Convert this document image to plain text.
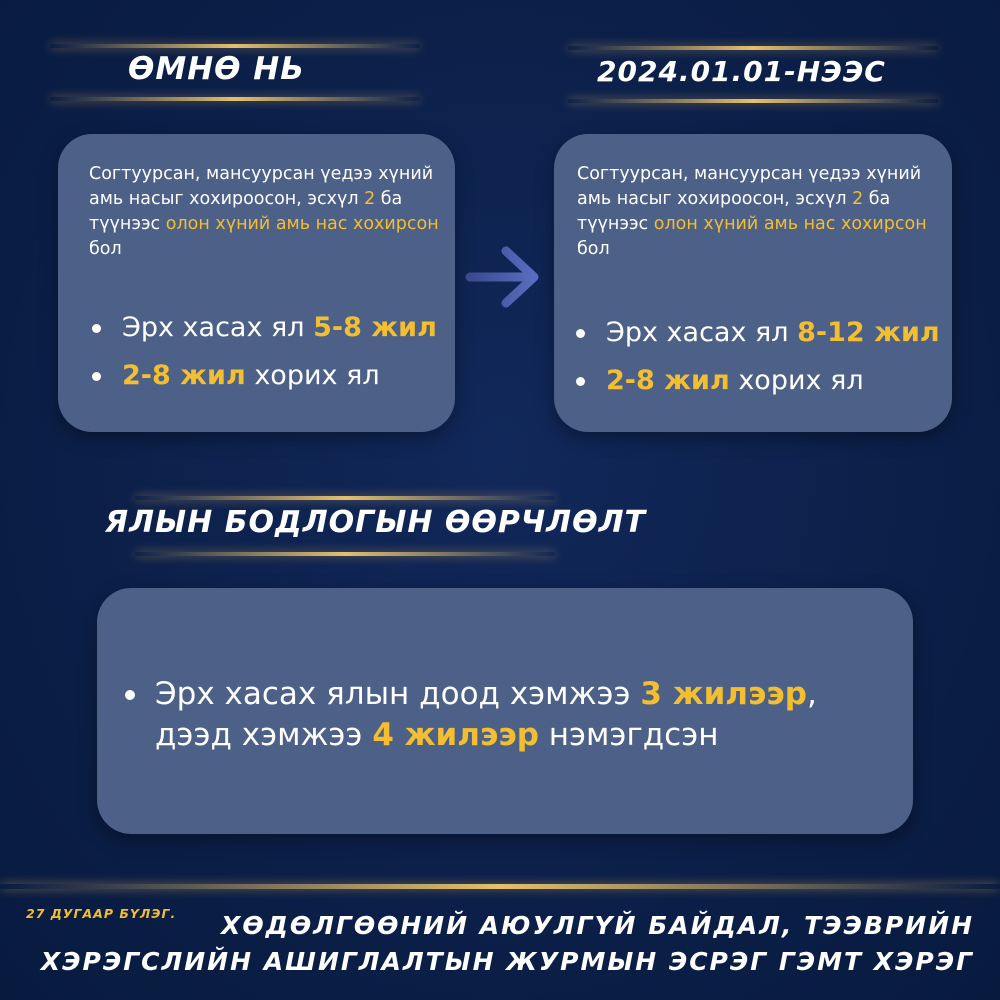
ӨМНӨ НЬ	2024.01.01-НЭЭС
ЯЛЫН БОДЛОГЫН ӨӨРЧЛӨЛТ
Согтуурсан, мансуурсан үедээ хүний амь насыг хохироосон, эсхүл 2 ба түүнээс олон хүний амь нас хохирсон бол
Эрх хасах ял 5-8 жил
2-8 жил хорих ял
Согтуурсан, мансуурсан үедээ хүний амь насыг хохироосон, эсхүл 2 ба түүнээс олон хүний амь нас хохирсон бол
Эрх хасах ял 8-12 жил
2-8 жил хорих ял
Эрх хасах ялын доод хэмжээ 3 жилээр,
дээд хэмжээ 4 жилээр нэмэгдсэн
27 ДУГААР БҮЛЭГ.	ХӨДӨЛГӨӨНИЙ АЮУЛГҮЙ БАЙДАЛ, ТЭЭВРИЙН
ХЭРЭГСЛИЙН АШИГЛАЛТЫН ЖУРМЫН ЭСРЭГ ГЭМТ ХЭРЭГ
